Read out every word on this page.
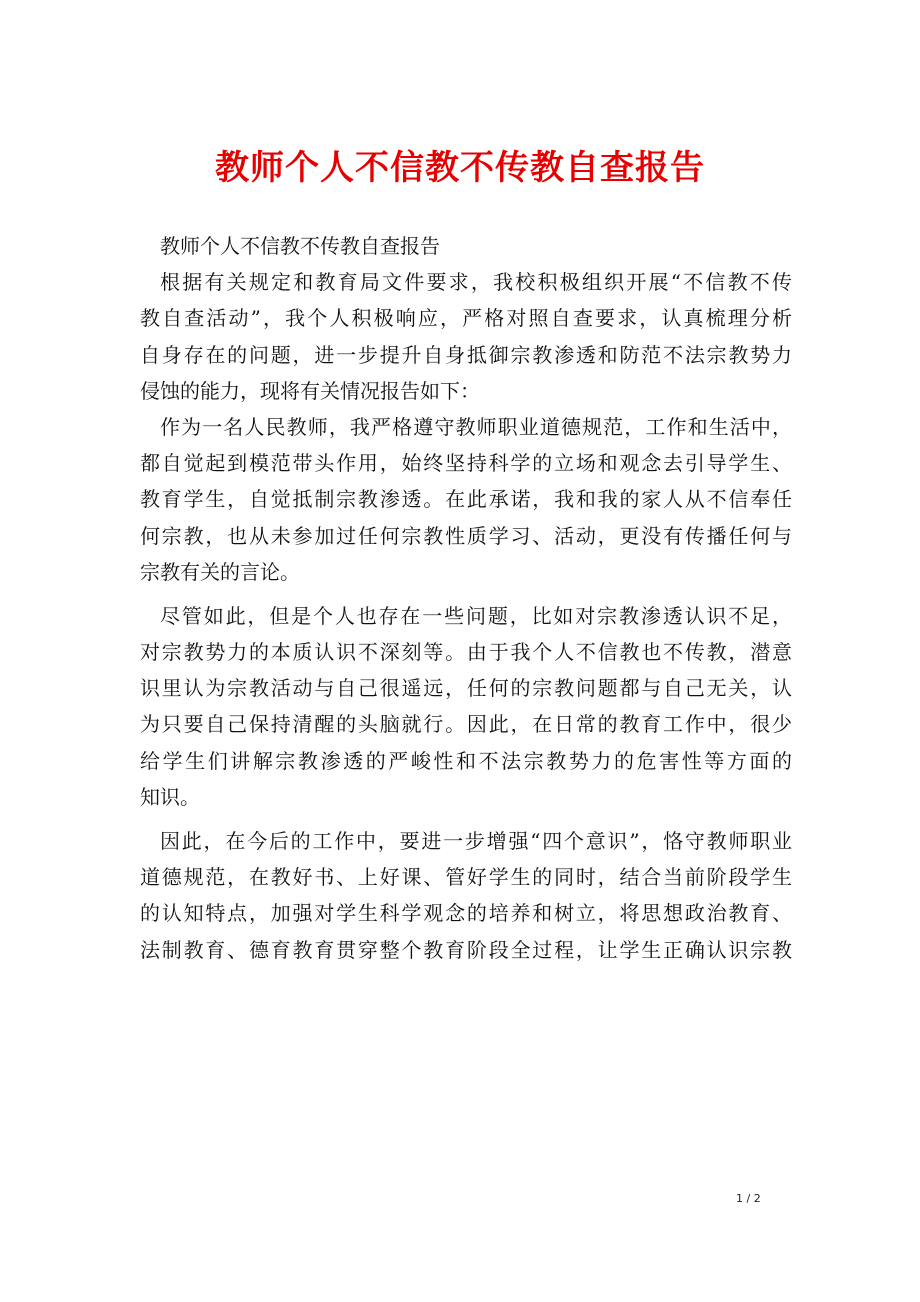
教师个人不信教不传教自查报告
教师个人不信教不传教自查报告
根据有关规定和教育局文件要求，我校积极组织开展“不信教不传
教自查活动”，我个人积极响应，严格对照自查要求，认真梳理分析
自身存在的问题，进一步提升自身抵御宗教渗透和防范不法宗教势力
侵蚀的能力，现将有关情况报告如下：
作为一名人民教师，我严格遵守教师职业道德规范，工作和生活中，
都自觉起到模范带头作用，始终坚持科学的立场和观念去引导学生、
教育学生，自觉抵制宗教渗透。在此承诺，我和我的家人从不信奉任
何宗教，也从未参加过任何宗教性质学习、活动，更没有传播任何与
宗教有关的言论。
尽管如此，但是个人也存在一些问题，比如对宗教渗透认识不足，
对宗教势力的本质认识不深刻等。由于我个人不信教也不传教，潜意
识里认为宗教活动与自己很遥远，任何的宗教问题都与自己无关，认
为只要自己保持清醒的头脑就行。因此，在日常的教育工作中，很少
给学生们讲解宗教渗透的严峻性和不法宗教势力的危害性等方面的
知识。
因此，在今后的工作中，要进一步增强“四个意识”，恪守教师职业
道德规范，在教好书、上好课、管好学生的同时，结合当前阶段学生
的认知特点，加强对学生科学观念的培养和树立，将思想政治教育、
法制教育、德育教育贯穿整个教育阶段全过程，让学生正确认识宗教
1 / 2
